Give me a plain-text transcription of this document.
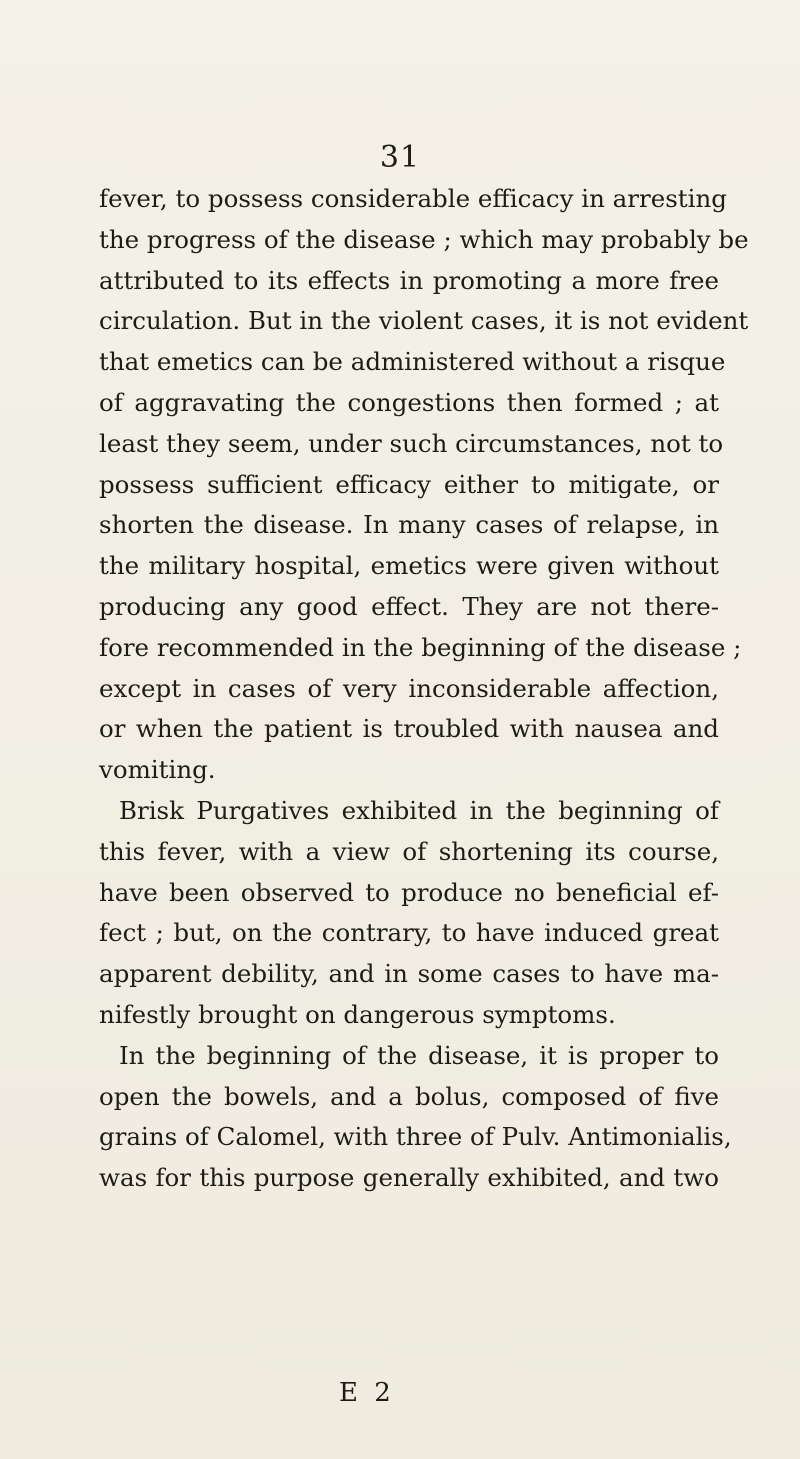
31
fever, to possess considerable efficacy in arresting
the progress of the disease ; which may probably be
attributed to its effects in promoting a more free
circulation. But in the violent cases, it is not evident
that emetics can be administered without a risque
of aggravating the congestions then formed ; at
least they seem, under such circumstances, not to
possess sufficient efficacy either to mitigate, or
shorten the disease. In many cases of relapse, in
the military hospital, emetics were given without
producing any good effect. They are not there-
fore recommended in the beginning of the disease ;
except in cases of very inconsiderable affection,
or when the patient is troubled with nausea and
vomiting.
Brisk Purgatives exhibited in the beginning of
this fever, with a view of shortening its course,
have been observed to produce no beneficial ef-
fect ; but, on the contrary, to have induced great
apparent debility, and in some cases to have ma-
nifestly brought on dangerous symptoms.
In the beginning of the disease, it is proper to
open the bowels, and a bolus, composed of five
grains of Calomel, with three of Pulv. Antimonialis,
was for this purpose generally exhibited, and two
E 2
